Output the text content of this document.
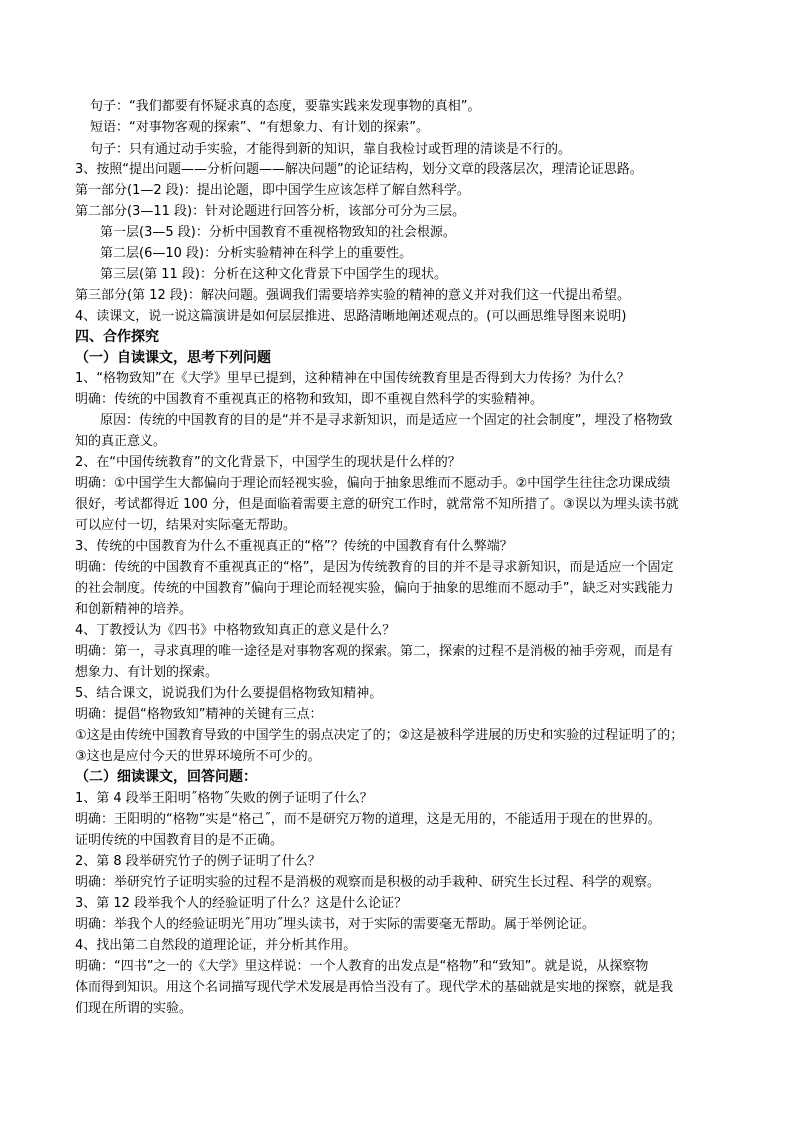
句子：“我们都要有怀疑求真的态度，要靠实践来发现事物的真相”。

短语：“对事物客观的探索”、“有想象力、有计划的探索”。

句子：只有通过动手实验，才能得到新的知识，靠自我检讨或哲理的清谈是不行的。

3、按照“提出问题——分析问题——解决问题”的论证结构，划分文章的段落层次，理清论证思路。

第一部分(1—2 段)：提出论题，即中国学生应该怎样了解自然科学。

第二部分(3—11 段)：针对论题进行回答分析，该部分可分为三层。

第一层(3—5 段)：分析中国教育不重视格物致知的社会根源。

第二层(6—10 段)：分析实验精神在科学上的重要性。

第三层(第 11 段)：分析在这种文化背景下中国学生的现状。

第三部分(第 12 段)：解决问题。强调我们需要培养实验的精神的意义并对我们这一代提出希望。

4、读课文，说一说这篇演讲是如何层层推进、思路清晰地阐述观点的。(可以画思维导图来说明)

四、合作探究

（一）自读课文，思考下列问题

1、“格物致知”在《大学》里早已提到，这种精神在中国传统教育里是否得到大力传扬？为什么？

明确：传统的中国教育不重视真正的格物和致知，即不重视自然科学的实验精神。

原因：传统的中国教育的目的是“并不是寻求新知识，而是适应一个固定的社会制度”，埋没了格物致

知的真正意义。

2、在“中国传统教育”的文化背景下，中国学生的现状是什么样的？

明确：①中国学生大都偏向于理论而轻视实验，偏向于抽象思维而不愿动手。②中国学生往往念功课成绩

很好，考试都得近 100 分，但是面临着需要主意的研究工作时，就常常不知所措了。③误以为埋头读书就

可以应付一切，结果对实际毫无帮助。

3、传统的中国教育为什么不重视真正的“格”？传统的中国教育有什么弊端？

明确：传统的中国教育不重视真正的“格”，是因为传统教育的目的并不是寻求新知识，而是适应一个固定

的社会制度。传统的中国教育”偏向于理论而轻视实验，偏向于抽象的思维而不愿动手”，缺乏对实践能力

和创新精神的培养。

4、丁教授认为《四书》中格物致知真正的意义是什么？

明确：第一，寻求真理的唯一途径是对事物客观的探索。第二，探索的过程不是消极的袖手旁观，而是有

想象力、有计划的探索。

5、结合课文，说说我们为什么要提倡格物致知精神。

明确：提倡“格物致知”精神的关键有三点：

①这是由传统中国教育导致的中国学生的弱点决定了的；②这是被科学进展的历史和实验的过程证明了的；

③这也是应付今天的世界环境所不可少的。

（二）细读课文，回答问题：

1、第 4 段举王阳明˝格物˝失败的例子证明了什么？

明确：王阳明的“格物”实是“格己˝，而不是研究万物的道理，这是无用的，不能适用于现在的世界的。

证明传统的中国教育目的是不正确。

2、第 8 段举研究竹子的例子证明了什么？

明确：举研究竹子证明实验的过程不是消极的观察而是积极的动手栽种、研究生长过程、科学的观察。

3、第 12 段举我个人的经验证明了什么？这是什么论证？

明确：举我个人的经验证明光˝用功˝埋头读书，对于实际的需要毫无帮助。属于举例论证。

4、找出第二自然段的道理论证，并分析其作用。

明确：“四书”之一的《大学》里这样说：一个人教育的出发点是“格物”和“致知”。就是说，从探察物

体而得到知识。用这个名词描写现代学术发展是再恰当没有了。现代学术的基础就是实地的探察，就是我

们现在所谓的实验。
